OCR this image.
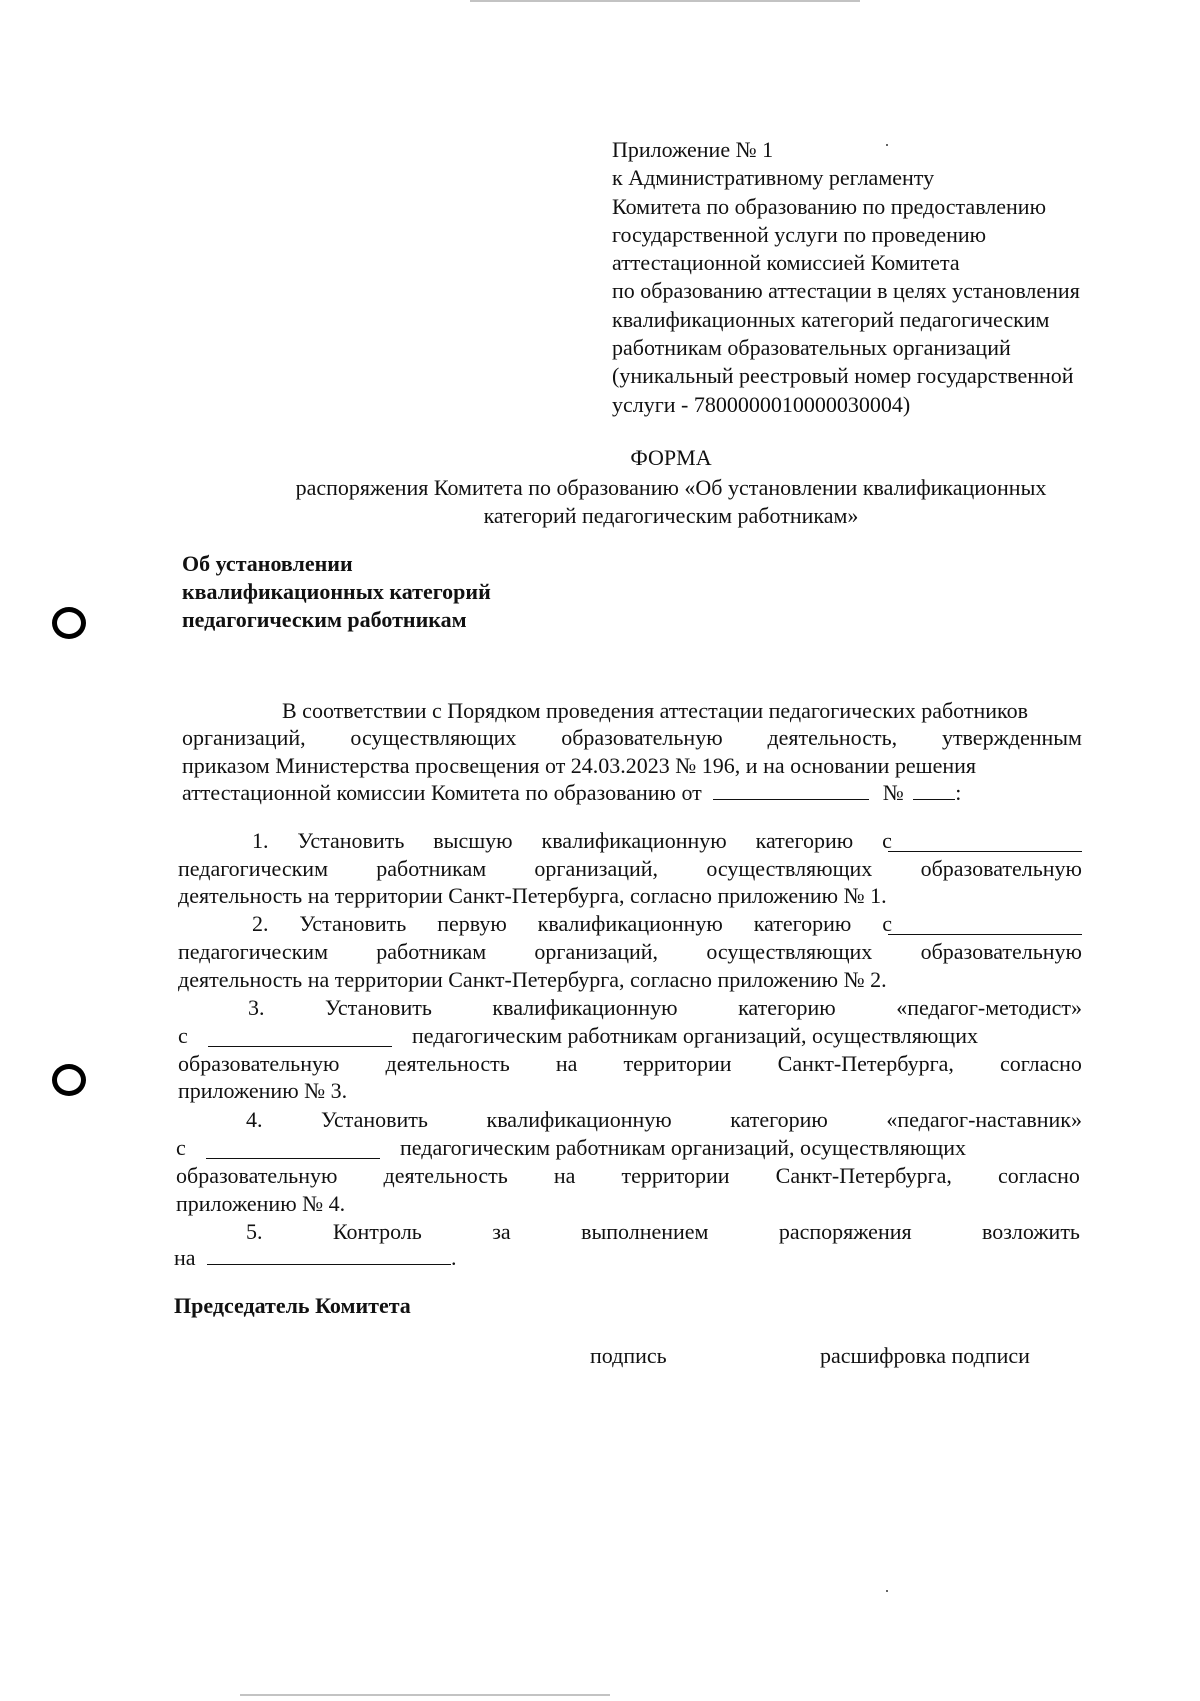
Приложение № 1
к Административному регламенту
Комитета по образованию по предоставлению
государственной услуги по проведению
аттестационной комиссией Комитета
по образованию аттестации в целях установления
квалификационных категорий педагогическим
работникам образовательных организаций
(уникальный реестровый номер государственной
услуги - 7800000010000030004)
ФОРМА
распоряжения Комитета по образованию «Об установлении квалификационных
категорий педагогическим работникам»
Об установлении
квалификационных категорий
педагогическим работникам
В соответствии с Порядком проведения аттестации педагогических работников
организаций, осуществляющих образовательную деятельность, утвержденным
приказом Министерства просвещения от 24.03.2023 № 196, и на основании решения
аттестационной комиссии Комитета по образованию от	№ :
1. Установить высшую квалификационную категорию с
педагогическим работникам организаций, осуществляющих образовательную
деятельность на территории Санкт-Петербурга, согласно приложению № 1.
2. Установить первую квалификационную категорию с
педагогическим работникам организаций, осуществляющих образовательную
деятельность на территории Санкт-Петербурга, согласно приложению № 2.
3.	Установить	квалификационную	категорию	«педагог-методист»
с	педагогическим работникам организаций, осуществляющих
образовательную деятельность на территории Санкт-Петербурга, согласно
приложению № 3.
4.	Установить	квалификационную	категорию	«педагог-наставник»
с	педагогическим работникам организаций, осуществляющих
образовательную деятельность на территории Санкт-Петербурга, согласно
приложению № 4.
5.	Контроль	за	выполнением	распоряжения	возложить
на	.
Председатель Комитета
подпись	расшифровка подписи
